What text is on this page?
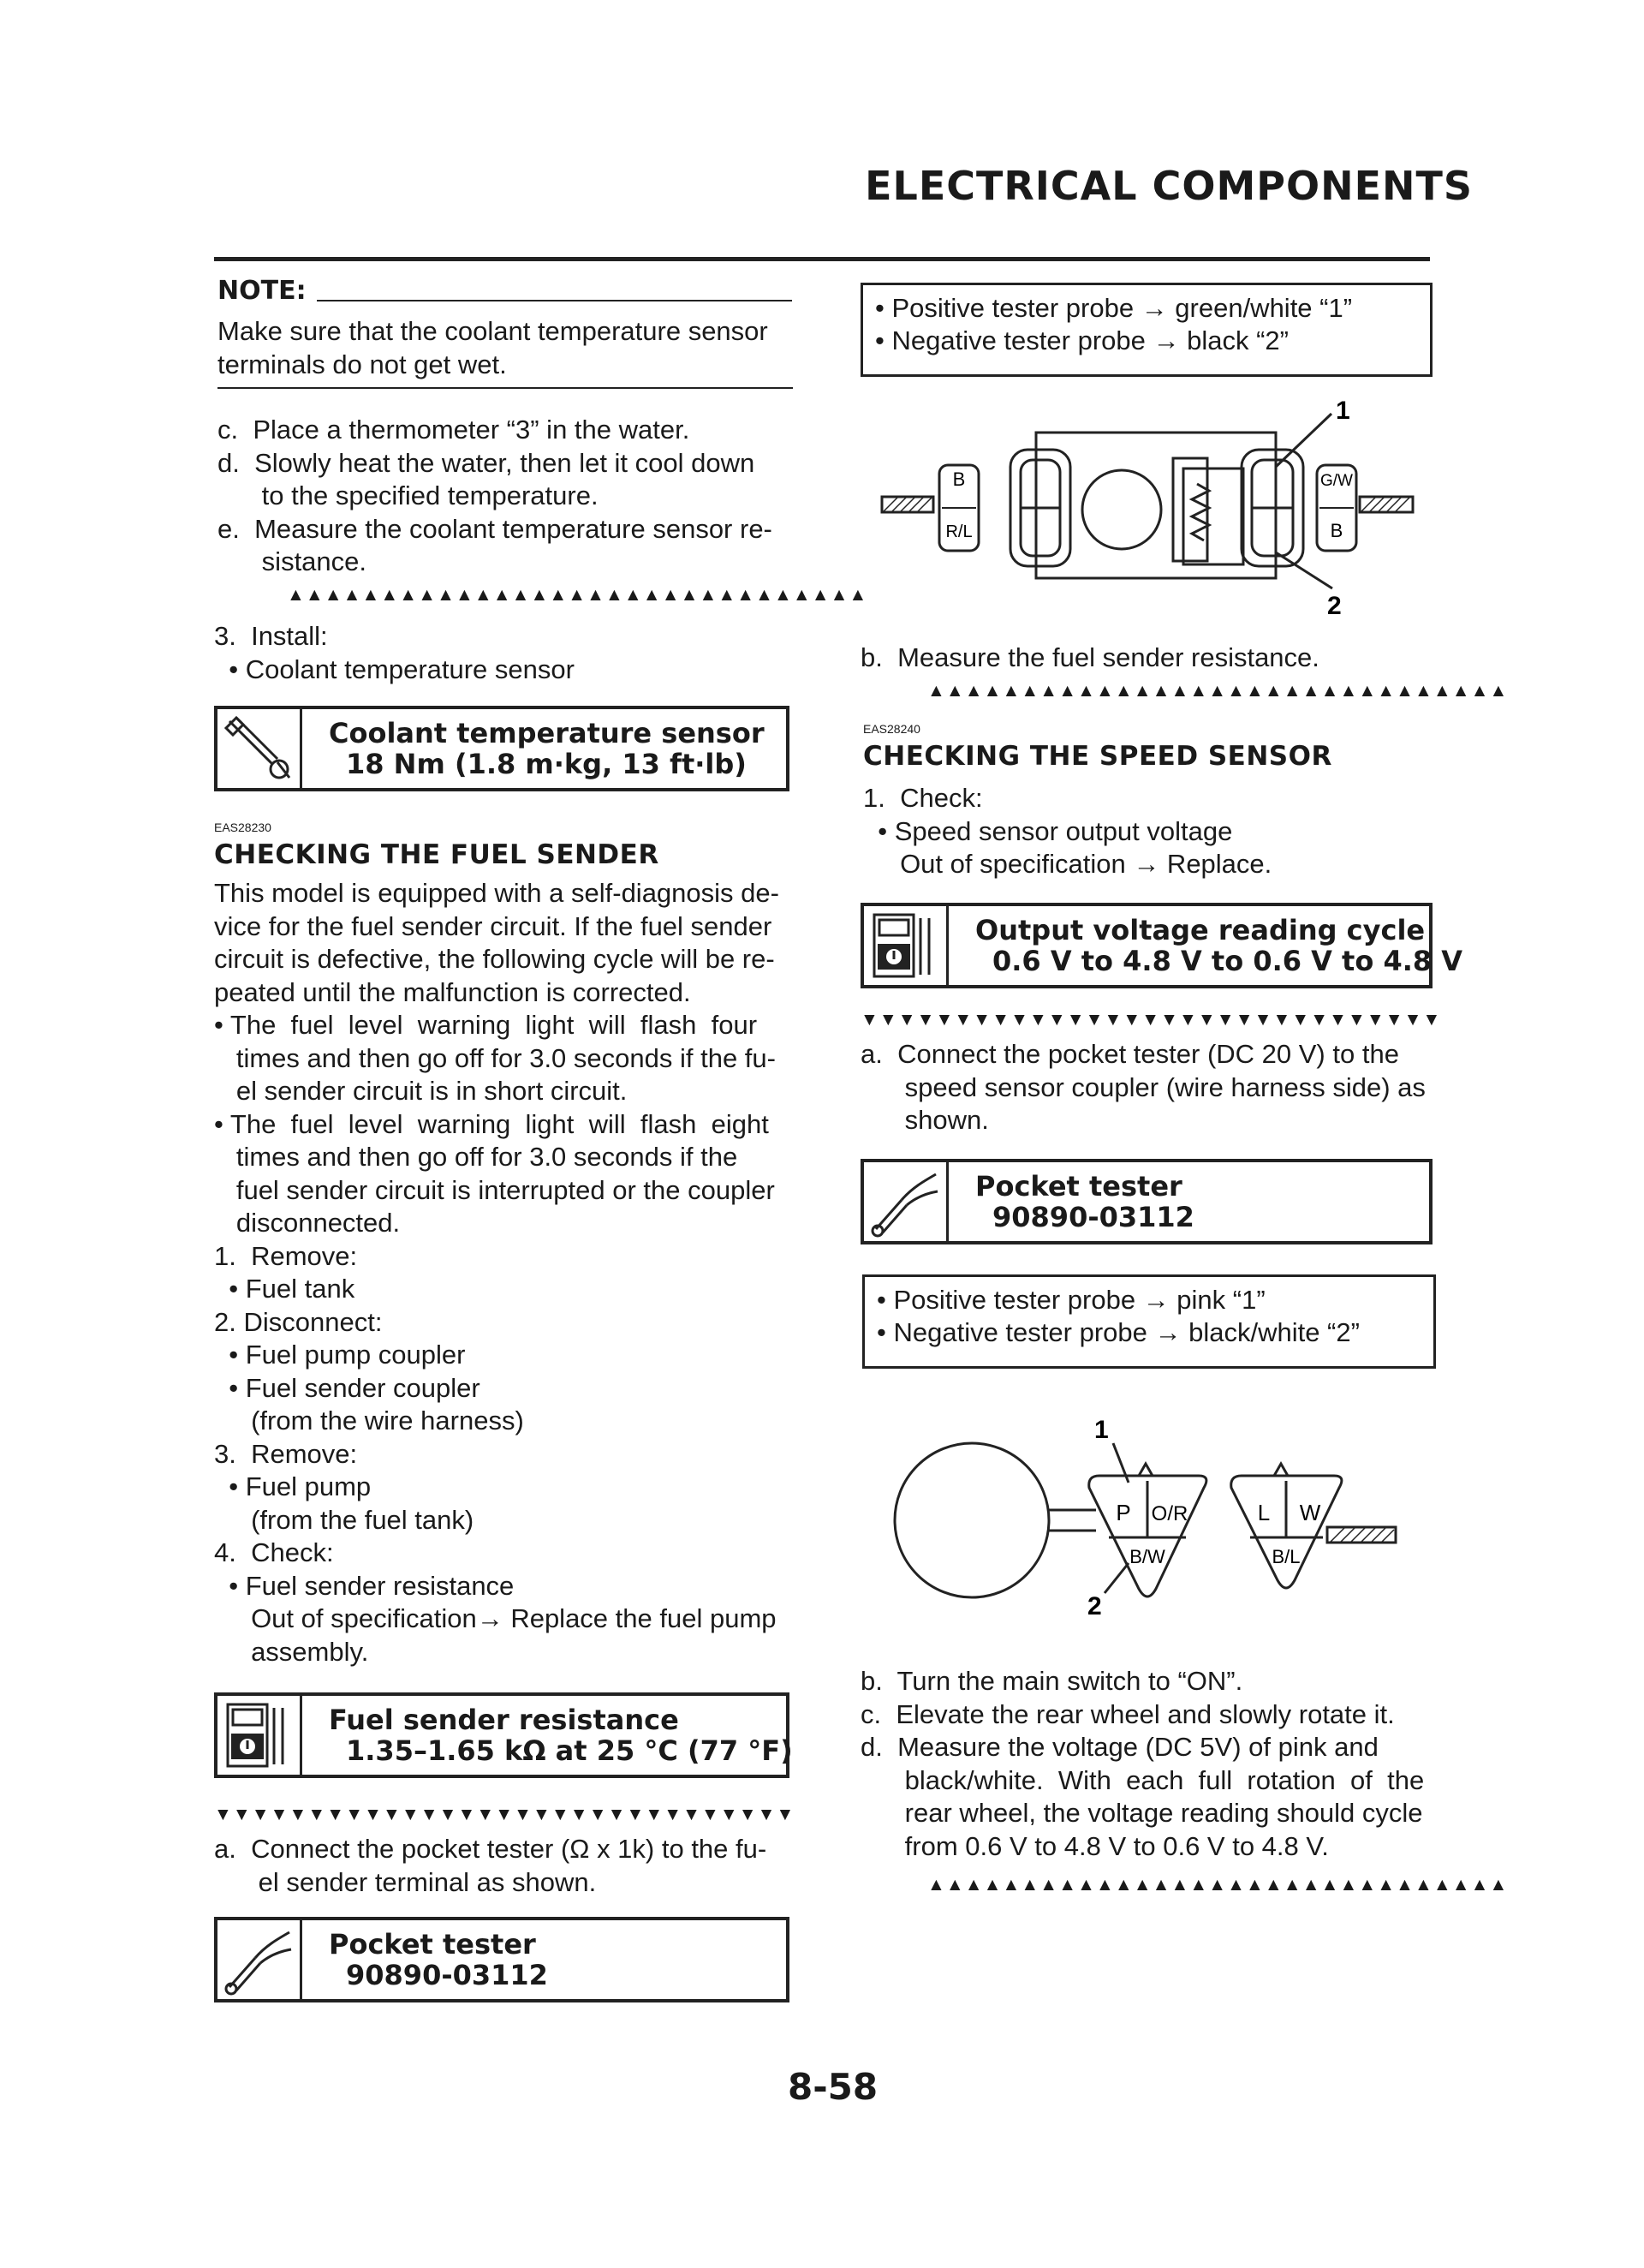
ELECTRICAL COMPONENTS
NOTE:
Make sure that the coolant temperature sensor
terminals do not get wet.
c.  Place a thermometer “3” in the water.
d.  Slowly heat the water, then let it cool down
to the specified temperature.
e.  Measure the coolant temperature sensor re-
sistance.
▲▲▲▲▲▲▲▲▲▲▲▲▲▲▲▲▲▲▲▲▲▲▲▲▲▲▲▲▲▲▲
3.  Install:
• Coolant temperature sensor
Coolant temperature sensor
18 Nm (1.8 m·kg, 13 ft·lb)
EAS28230
CHECKING THE FUEL SENDER
This model is equipped with a self-diagnosis de-
vice for the fuel sender circuit. If the fuel sender
circuit is defective, the following cycle will be re-
peated until the malfunction is corrected.
• The  fuel  level  warning  light  will  flash  four
times and then go off for 3.0 seconds if the fu-
el sender circuit is in short circuit.
• The  fuel  level  warning  light  will  flash  eight
times and then go off for 3.0 seconds if the
fuel sender circuit is interrupted or the coupler
disconnected.
1.  Remove:
• Fuel tank
2. Disconnect:
• Fuel pump coupler
• Fuel sender coupler
(from the wire harness)
3.  Remove:
• Fuel pump
(from the fuel tank)
4.  Check:
• Fuel sender resistance
Out of specification→ Replace the fuel pump
assembly.
Fuel sender resistance
1.35–1.65 kΩ at 25 °C (77 °F)
▼▼▼▼▼▼▼▼▼▼▼▼▼▼▼▼▼▼▼▼▼▼▼▼▼▼▼▼▼▼▼
a.  Connect the pocket tester (Ω x 1k) to the fu-
el sender terminal as shown.
Pocket tester
90890-03112
• Positive tester probe → green/white “1”
• Negative tester probe → black “2”
B
R/L
G/W
B
1
2
b.  Measure the fuel sender resistance.
▲▲▲▲▲▲▲▲▲▲▲▲▲▲▲▲▲▲▲▲▲▲▲▲▲▲▲▲▲▲▲
EAS28240
CHECKING THE SPEED SENSOR
1.  Check:
• Speed sensor output voltage
Out of specification → Replace.
Output voltage reading cycle
0.6 V to 4.8 V to 0.6 V to 4.8 V
▼▼▼▼▼▼▼▼▼▼▼▼▼▼▼▼▼▼▼▼▼▼▼▼▼▼▼▼▼▼▼
a.  Connect the pocket tester (DC 20 V) to the
speed sensor coupler (wire harness side) as
shown.
Pocket tester
90890-03112
• Positive tester probe → pink “1”
• Negative tester probe → black/white “2”
P O/R
B/W
L W
B/L
1
2
b.  Turn the main switch to “ON”.
c.  Elevate the rear wheel and slowly rotate it.
d.  Measure the voltage (DC 5V) of pink and
black/white.  With  each  full  rotation  of  the
rear wheel, the voltage reading should cycle
from 0.6 V to 4.8 V to 0.6 V to 4.8 V.
▲▲▲▲▲▲▲▲▲▲▲▲▲▲▲▲▲▲▲▲▲▲▲▲▲▲▲▲▲▲▲
8-58
